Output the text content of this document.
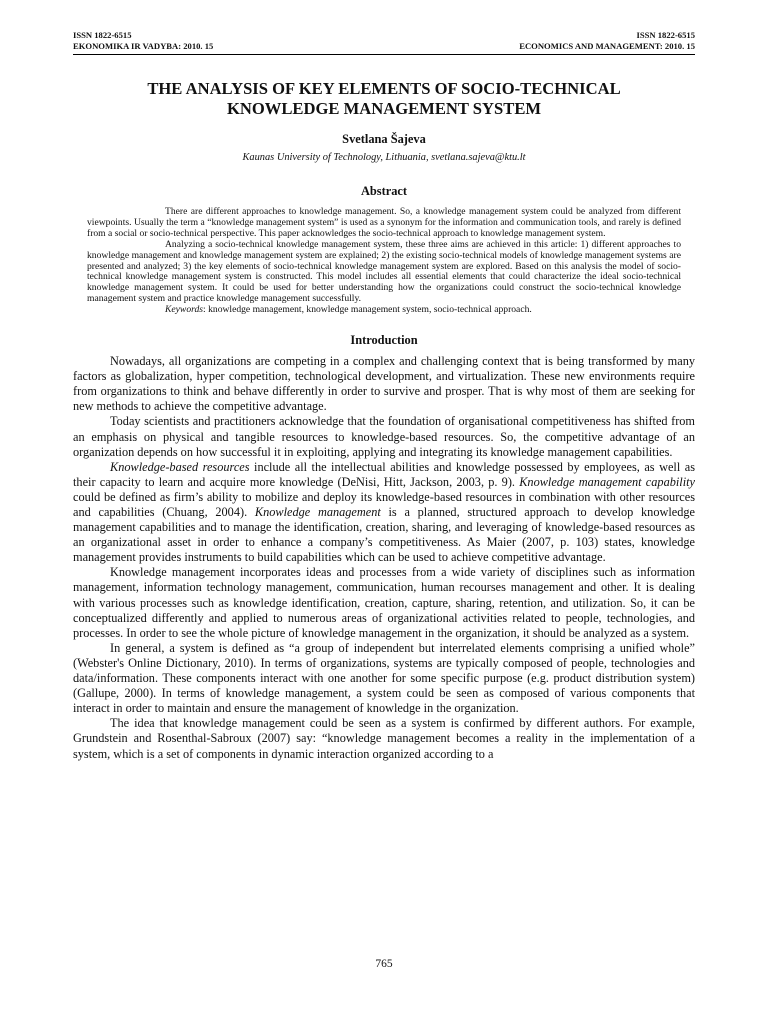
ISSN 1822-6515
EKONOMIKA IR VADYBA: 2010. 15
ISSN 1822-6515
ECONOMICS AND MANAGEMENT: 2010. 15
THE ANALYSIS OF KEY ELEMENTS OF SOCIO-TECHNICAL
KNOWLEDGE MANAGEMENT SYSTEM
Svetlana Šajeva
Kaunas University of Technology, Lithuania, svetlana.sajeva@ktu.lt
Abstract

There are different approaches to knowledge management. So, a knowledge management system could be analyzed from different viewpoints. Usually the term a “knowledge management system” is used as a synonym for the information and communication tools, and rarely is defined from a social or socio-technical perspective. This paper acknowledges the socio-technical approach to knowledge management system.

Analyzing a socio-technical knowledge management system, these three aims are achieved in this article: 1) different approaches to knowledge management and knowledge management system are explained; 2) the existing socio-technical models of knowledge management systems are presented and analyzed; 3) the key elements of socio-technical knowledge management system are explored. Based on this analysis the model of socio-technical knowledge management system is constructed. This model includes all essential elements that could characterize the ideal socio-technical knowledge management system. It could be used for better understanding how the organizations could construct the socio-technical knowledge management system and practice knowledge management successfully.

Keywords: knowledge management, knowledge management system, socio-technical approach.

Introduction

Nowadays, all organizations are competing in a complex and challenging context that is being transformed by many factors as globalization, hyper competition, technological development, and virtualization. These new environments require from organizations to think and behave differently in order to survive and prosper. That is why most of them are seeking for new methods to achieve the competitive advantage.

Today scientists and practitioners acknowledge that the foundation of organisational competitiveness has shifted from an emphasis on physical and tangible resources to knowledge-based resources. So, the competitive advantage of an organization depends on how successful it in exploiting, applying and integrating its knowledge management capabilities.

Knowledge-based resources include all the intellectual abilities and knowledge possessed by employees, as well as their capacity to learn and acquire more knowledge (DeNisi, Hitt, Jackson, 2003, p. 9). Knowledge management capability could be defined as firm’s ability to mobilize and deploy its knowledge-based resources in combination with other resources and capabilities (Chuang, 2004). Knowledge management is a planned, structured approach to develop knowledge management capabilities and to manage the identification, creation, sharing, and leveraging of knowledge-based resources as an organizational asset in order to enhance a company’s competitiveness. As Maier (2007, p. 103) states, knowledge management provides instruments to build capabilities which can be used to achieve competitive advantage.

Knowledge management incorporates ideas and processes from a wide variety of disciplines such as information management, information technology management, communication, human recourses management and other. It is dealing with various processes such as knowledge identification, creation, capture, sharing, retention, and utilization. So, it can be conceptualized differently and applied to numerous areas of organizational activities related to people, technologies, and processes. In order to see the whole picture of knowledge management in the organization, it should be analyzed as a system.

In general, a system is defined as “a group of independent but interrelated elements comprising a unified whole” (Webster's Online Dictionary, 2010). In terms of organizations, systems are typically composed of people, technologies and data/information. These components interact with one another for some specific purpose (e.g. product distribution system) (Gallupe, 2000). In terms of knowledge management, a system could be seen as composed of various components that interact in order to maintain and ensure the management of knowledge in the organization.

The idea that knowledge management could be seen as a system is confirmed by different authors. For example, Grundstein and Rosenthal-Sabroux (2007) say: “knowledge management becomes a reality in the implementation of a system, which is a set of components in dynamic interaction organized according to a

765
